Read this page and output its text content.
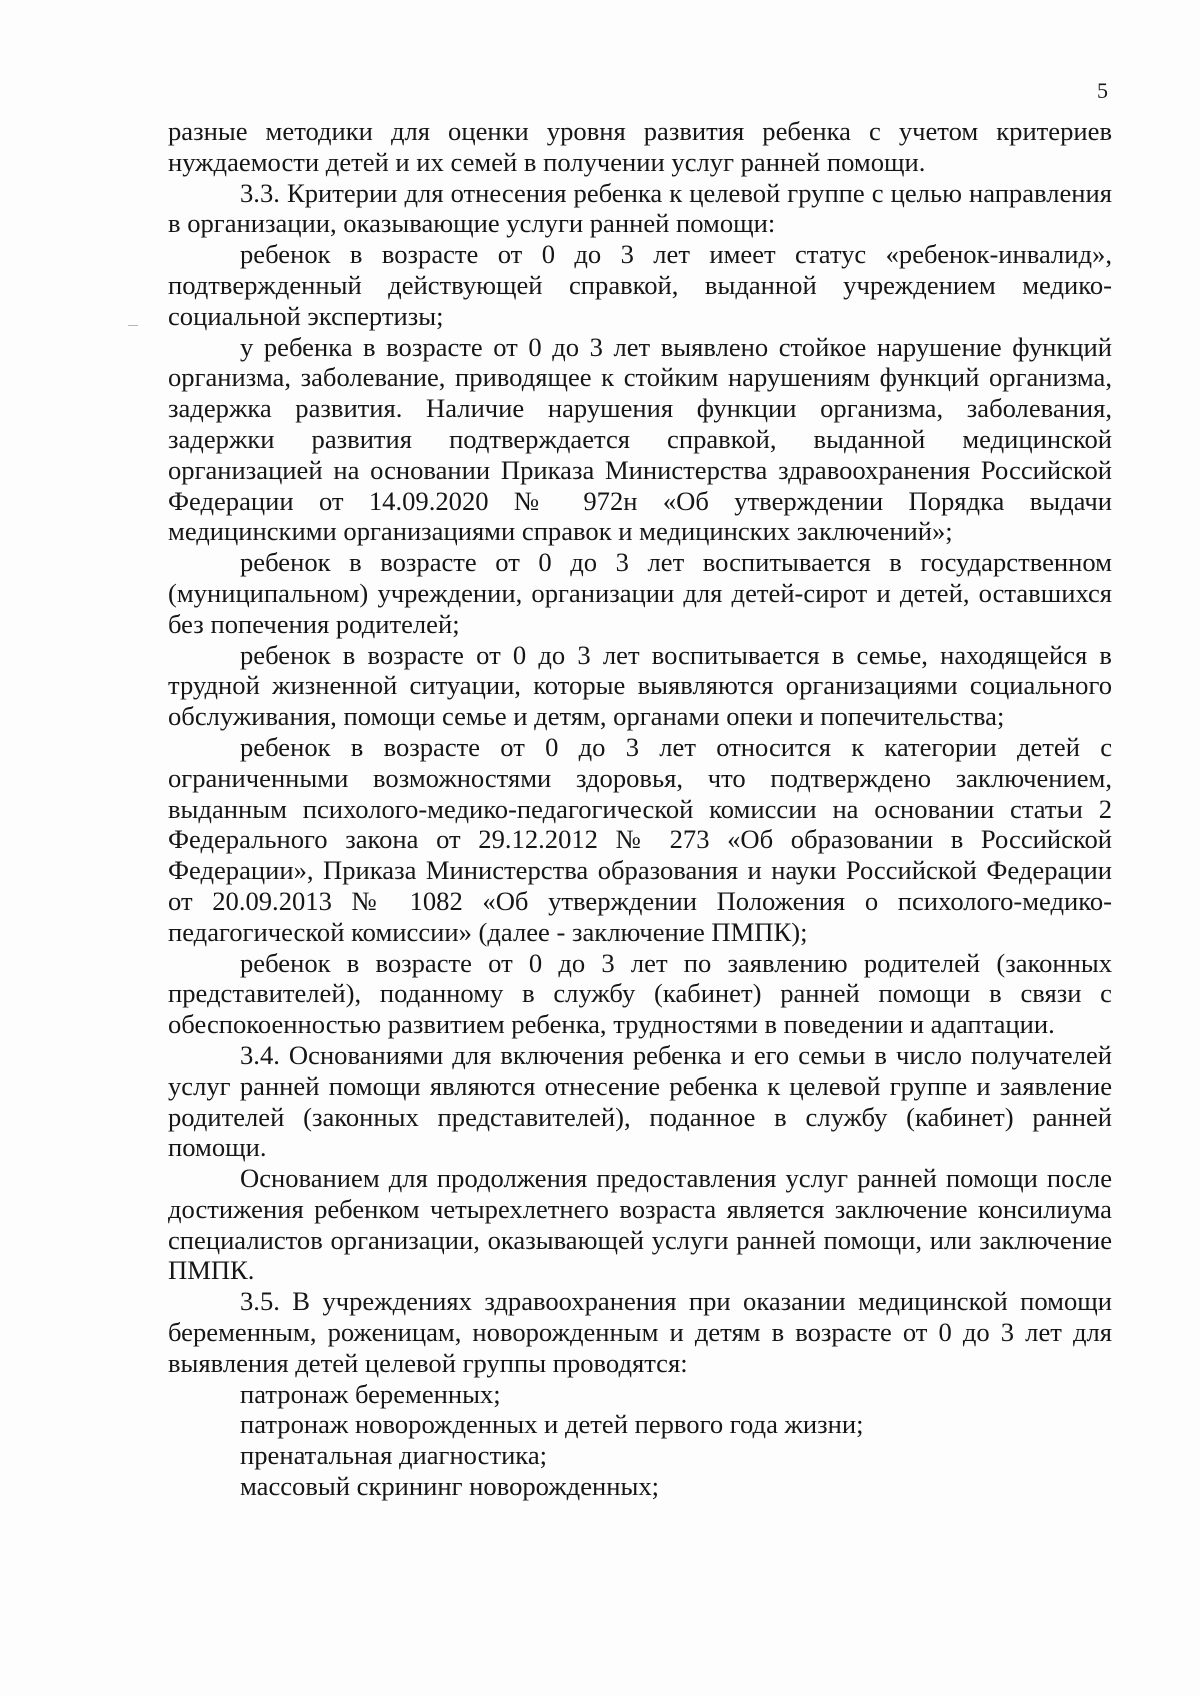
5

разные методики для оценки уровня развития ребенка с учетом критериев нуждаемости детей и их семей в получении услуг ранней помощи.

3.3. Критерии для отнесения ребенка к целевой группе с целью направления в организации, оказывающие услуги ранней помощи:

ребенок в возрасте от 0 до 3 лет имеет статус «ребенок-инвалид», подтвержденный действующей справкой, выданной учреждением медико-социальной экспертизы;

у ребенка в возрасте от 0 до 3 лет выявлено стойкое нарушение функций организма, заболевание, приводящее к стойким нарушениям функций организма, задержка развития. Наличие нарушения функции организма, заболевания, задержки развития подтверждается справкой, выданной медицинской организацией на основании Приказа Министерства здравоохранения Российской Федерации от 14.09.2020 № 972н «Об утверждении Порядка выдачи медицинскими организациями справок и медицинских заключений»;

ребенок в возрасте от 0 до 3 лет воспитывается в государственном (муниципальном) учреждении, организации для детей-сирот и детей, оставшихся без попечения родителей;

ребенок в возрасте от 0 до 3 лет воспитывается в семье, находящейся в трудной жизненной ситуации, которые выявляются организациями социального обслуживания, помощи семье и детям, органами опеки и попечительства;

ребенок в возрасте от 0 до 3 лет относится к категории детей с ограниченными возможностями здоровья, что подтверждено заключением, выданным психолого-медико-педагогической комиссии на основании статьи 2 Федерального закона от 29.12.2012 № 273 «Об образовании в Российской Федерации», Приказа Министерства образования и науки Российской Федерации от 20.09.2013 № 1082 «Об утверждении Положения о психолого-медико-педагогической комиссии» (далее - заключение ПМПК);

ребенок в возрасте от 0 до 3 лет по заявлению родителей (законных представителей), поданному в службу (кабинет) ранней помощи в связи с обеспокоенностью развитием ребенка, трудностями в поведении и адаптации.

3.4. Основаниями для включения ребенка и его семьи в число получателей услуг ранней помощи являются отнесение ребенка к целевой группе и заявление родителей (законных представителей), поданное в службу (кабинет) ранней помощи.

Основанием для продолжения предоставления услуг ранней помощи после достижения ребенком четырехлетнего возраста является заключение консилиума специалистов организации, оказывающей услуги ранней помощи, или заключение ПМПК.

3.5. В учреждениях здравоохранения при оказании медицинской помощи беременным, роженицам, новорожденным и детям в возрасте от 0 до 3 лет для выявления детей целевой группы проводятся:

патронаж беременных;

патронаж новорожденных и детей первого года жизни;

пренатальная диагностика;

массовый скрининг новорожденных;
